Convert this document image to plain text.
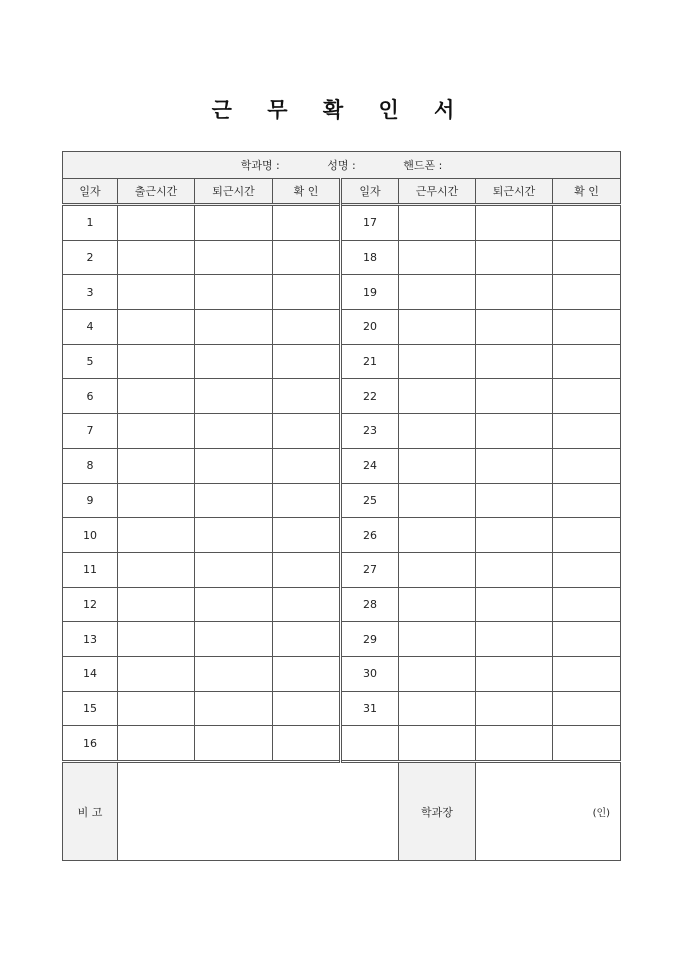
근 무 확 인 서
학과명 : 성명 : 핸드폰 :							
일자	출근시간	퇴근시간	확 인	일자	근무시간	퇴근시간	확 인
1				17			
2				18			
3				19			
4				20			
5				21			
6				22			
7				23			
8				24			
9				25			
10				26			
11				27			
12				28			
13				29			
14				30			
15				31			
16							
비 고					학과장	(인)	
